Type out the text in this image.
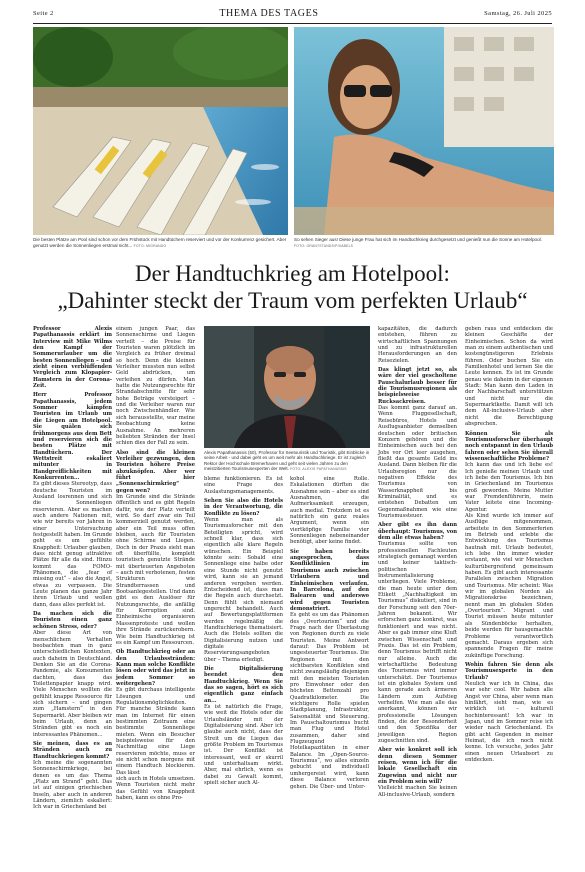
Seite 2	THEMA DES TAGES	Samstag, 26. Juli 2025
Die besten Plätze am Pool sind schon vor dem Frühstück mit Handtüchern reserviert und vor der Konkurrenz gesichert. Aber genutzt werden die Sonnenliegen erstmal nicht... FOTO: MIGRANDO
So sehen Sieger aus! Diese junge Frau hat sich im Handtuchkrieg durchgesetzt und genießt nun die Sonne am Hotelpool. FOTO: GRANTSTANDS/PIXABELS
Der Handtuchkrieg am Hotelpool:
„Dahinter steckt der Traum vom perfekten Urlaub“

Professor Alexis Papathanassis erklärt im Interview mit Mike Wilms den Kampf der Sommerurlauber um die besten Sonnenliegen – und zieht einen verblüffenden Vergleich zum Klopapier-Hamstern in der Corona-Zeit.

Herr Professor Papathanassis, jedem Sommer kämpfen Touristen im Urlaub um die Liegen am Hotelpool. Sie quälen sich frühmorgens aus dem Bett und reservieren sich die besten Plätze mit Handtüchern. Der Wettstreit eskaliert mitunter in Handgreiflichkeiten mit Konkurrenten...

Es gibt dieses Stereotyp, dass deutsche Touristen im Ausland losrennen und sich die Sonnenliegen reservieren. Aber es machen auch andere Nationen mit, wie wir bereits vor Jahren in einer Untersuchung festgestellt haben. Im Grunde geht es um gefühlte Knappheit: Urlauber glauben, dass nicht genug attraktive Plätze für alle da sind. Hinzu kommt das FOMO-Phänomen, die „fear of missing out“ – also die Angst, etwas zu verpassen. Die Leute planen das ganze Jahr ihren Urlaub und wollen dann, dass alles perfekt ist.

Da machen sich die Touristen einen ganz schönen Stress, oder?

Aber diese Art von menschlichem Verhalten beobachten man in ganz unterschiedlichen Kontexten, auch daheim in Deutschland. Denken Sie an die Corona-Pandemie, als Konsumenten dachten, dass das Toilettenpapier knapp wird. Viele Menschen wollten die gefühlt knappe Ressource für sich sichern – und gingen zum „Hamstern“ in den Supermarkt. Aber bleiben wir beim Urlaub, denn an Stränden gibt es noch ein interessantes Phänomen...

Sie meinen, dass es an Stränden auch zu Handtuchkriegen kommt?

Ich meine die sogenannten Sonnenschirmkriege, bei denen es um das Thema „Platz am Strand“ geht. Das ist auf einigen griechischen Inseln, aber auch in anderen Ländern, ziemlich eskaliert: Ich war in Griechenland bei

einem jungen Paar, das Sonnenschirme und Liegen verteilt – die Preise für Touristen waren plötzlich im Vergleich zu früher dreimal so hoch. Denn die kleinen Verleiher mussten nun selbst Geld abdrücken, um verleihen zu dürfen. Man hatte die Nutzungsrechte für Strandabschnitte für sehr hohe Beträge versteigert – und die Verleiher waren nur noch Zwischenhändler. Wie sich herausstellte, war meine Beobachtung keine Ausnahme. An mehreren beliebten Stränden der Insel schien dies der Fall zu sein.

Also sind die kleinen Verleiher gezwungen, den Touristen höhere Preise abzuknöpfen. Aber wer führt hier „Sonnenschirmkrieg“ gegen wen?

Im Grunde sind die Strände öffentlich und es gibt Regeln dafür, wie der Platz verteilt wird. So darf zwar ein Teil kommerziell genutzt werden, aber ein Teil muss offen bleiben, auch für Touristen ohne Schirme und Liegen. Doch in der Praxis sieht man oft überfüllte, komplett touristisch genutzte Strände mit überteuerten Angeboten – auch mit verbotenen, festen Strukturen wie Strandterrassen und Bootsanlegestellen. Und dann gibt es den Auslöser für Nutzungsrechte, die anfällig für Korruption sind. Einheimische organisieren Massenproteste und wollen ihre Strände zurückerobern. Wie beim Handtuchkrieg ist es ein Kampf um Ressourcen.

Ob Handtuchkrieg oder an den Urlaubsstränden: Kann man solche Konflikte lösen oder wird das jetzt in jedem Sommer so weitergehen?

Es gibt durchaus intelligente Lösungen und Regulationsmöglichkeiten. Für manche Strände kann man im Internet für einen bestimmten Zeitraum eine bestimmte Sonnenliege mieten. Wenn ein Besucher beispielsweise für den Nachmittag eine Liege reservieren möchte, muss er sie nicht schon morgens mit einem Handtuch blockieren. Das lässt

sich auch in Hotels umsetzen. Wenn Touristen nicht mehr das Gefühl von Knappheit haben, kann es ohne Pro-

Alexis Papathanassis (50), Professor für Seetouristik und Touristik, gibt Einblicke in seine Arbeit - und dabei geht es um weit mehr als Handtuchkriege. Er ist zugleich Rektor der Hochschule Bremerhaven und geht seit vielen Jahren zu den meistzitierten Tourismusexperten der Welt. FOTO: ALEXIS PAPATHANASSIS

bleme funktionieren. Es ist eine Frage des Auslastungsmanagements.

Sehen Sie also die Hotels in der Verantwortung, die Konflikte zu lösen?

Wenn man als Tourismusforscher mit den Beteiligten spricht, wird schnell klar, dass sich eigentlich alle klare Regeln wünschen. Ein Beispiel könnte sein: Sobald eine Sonnenliege eine halbe oder eine Stunde nicht genutzt wird, kann sie an jemand anderen vergeben werden. Entscheidend ist, dass man die Regeln auch durchsetzt. Denn fühlt sich niemand ungerecht behandelt. Auch auf Bewertungsplattformen werden regelmäßig die Handtuchkriege thematisiert. Auch die Hotels sollten die Digitalisierung nutzen und digitale Reservierungsangeboten über – Thema erledigt.

Die Digitalisierung beendet den Handtuchkrieg. Wenn Sie das so sagen, hört es sich eigentlich ganz einfach an...

Es ist natürlich die Frage, wie weit die Hotels oder die Urlaubsländer mit der Digitalisierung sind. Aber ich glaube auch nicht, dass der Streit um die Liegen das größte Problem im Tourismus ist. Der Konflikt ist interessant, weil er skurril und unterhaltsam wirkt. Aber, mal ehrlich, wenn es dabei zu Gewalt kommt, spielt sicher auch Al-

kohol eine Rolle. Eskalationen dürften die Ausnahme sein – aber es sind Ausnahmen, die Aufmerksamkeit erzeugen, auch medial. Trotzdem ist es natürlich ein ganz reales Argument, wenn ein viertköpfige Familie vier Sonnenliegen nebeneinander benötigt, aber keine findet.

Sie haben bereits angesprochen, dass Konfliktlinien im Tourismus auch zwischen Urlaubern und Einheimischen verlaufen. In Barcelona, auf den Balearen und anderswo wird gegen Touristen demonstriert.

Es geht es um das Phänomen des „Overtourism“ und die Frage nach der Überlastung von Regionen durch zu viele Touristen. Meine Antwort darauf: Das Problem ist ungesteuerter Tourismus. Die Regionen mit den sichtbarsten Konflikten sind nicht zwangsläufig diejenigen mit den meisten Touristen pro Einwohner oder den höchsten Bettenzahl pro Quadratkilometer. Die wichtigere Rolle spielen Stadtplanung, Infrastruktur, Saisonalität und Steuerung. Im Pauschaltourismus bucht man Flug und Hotel zusammen, daher sind Flugzeugund Hotelkapazitäten in einer Balance. Im „Open-Source-Tourismus“, wo alles einzeln gebucht und individuell umhergereist wird, kann diese Balance verloren gehen. Die Über- und Unter-

kapazitäten, die dadurch entstehen, führen zu wirtschaftlichen Spannungen und zu infrastrukturellen Herausforderungen an den Reisezielen.

Das klingt jetzt so, als wäre der viel gescholtene Pauschalurlaub besser für die Tourismusregionen als beispielsweise Rucksackreisen.

Das kommt ganz darauf an. Wenn Fluggesellschaft, Reisebüros, Hotels und Ausflugsanbieter demselben deutschen oder britischen Konzern gehören und die Einheimischen auch bei den Jobs vor Ort leer ausgehen, fließt das gesamte Geld ins Ausland. Dann bleiben für die Urlaubsregion nur die negativen Effekte des Tourismus von Wasserknappheit bis Kriminalität, und es entstehen Debatten um Gegenmaßnahmen wie eine Tourismussteuer.

Aber gibt es ihn dann überhaupt: Tourismus, von dem alle etwas haben?

Tourismus sollte von professionellen Fachleuten strategisch gemanagt werden und keiner taktisch-politischen Instrumentalisierung unterliegen. Viele Probleme, die man heute unter dem Etikett „Nachhaltigkeit im Tourismus“ diskutiert, sind in der Forschung seit den 70er-Jahren bekannt. Wir erforschen ganz konkret, was funktioniert und was nicht. Aber es gab immer eine Kluft zwischen Wissenschaft und Praxis. Das ist ein Problem, denn Tourismus betrifft nicht nur alleine. Auch die wirtschaftliche Bedeutung des Tourismus wird immer unterschätzt. Der Tourismus ist ein globales System und kann gerade auch ärmeren Ländern zum Aufstieg verhelfen. Wie man alle das anerkannt, können wir professionelle Lösungen finden, die der Besonderheit und den Spezifika der jeweiligen Region zugeschnitten sind.

Aber wie konkret soll ich denn diesen Sommer reisen, wenn ich für die lokale Gesellschaft ein Zugewinn und nicht nur ein Problem sein will?

Vielleicht machen Sie keinen All-inclusive-Urlaub, sondern

geben raus und entdecken die kleinen Geschäfte der Einheimischen. Schon da wird man zu einem authentischen und kostengünstigeren Erlebnis führen. Oder buchen Sie ein Familienhotel und lernen Sie die Leute kennen. Es ist im Grunde genau wie daheim in der eigenen Stadt: Man kann den Laden in der Nachbarschaft unterstützen und nicht nur die Supermarktkette. Damit will ich dem All-inclusive-Urlaub aber nicht die Berechtigung absprechen.

Können Sie als Tourismusforscher überhaupt noch entspannt in den Urlaub fahren oder sehen Sie überall wissenschaftliche Probleme?

Ich kann das und ich liebe es! Ich genieße meinen Urlaub und ich liebe den Tourismus. Ich bin in Griechenland im Tourismus groß geworden. Meine Mutter war Fremdenführerin, mein Vater leitete eine Incoming-Agentur.

Als Kind wurde ich immer auf Ausflüge mitgenommen, arbeitete in den Sommerferien im Betrieb und erlebte die Entwicklung des Tourismus hautnah mit. Urlaub bedeutet, ich lebe ihn immer wieder erstaunt, wie viel wir Menschen kulturübergreifend gemeinsam haben. Es gibt auch interessante Parallelen zwischen Migration und Tourismus. Mir scheint: Was wir im globalen Norden als Migrationskrise bezeichnen, nennt man im globalen Süden „Overtourism“. Migrant und Tourist müssen heute mitunter als Sündenböcke herhalten, beide werden für hausgemachte Probleme verantwortlich gemacht. Daraus ergeben sich spannende Fragen für meine zukünftige Forschung.

Wohin fahren Sie denn als Tourismusexperte in den Urlaub?

Neulich war ich in China, das war sehr cool. Wir haben alle Angst vor China, aber wenn man hinfährt, sieht man, wie es wirklich ist – kulturell hochinteressant! Ich war in Japan, und im Sommer reise ich wieder nach Griechenland. Es gibt acht Gegenden in meiner Heimat, die ich noch nicht kenne. Ich versuche, jedes Jahr einen neuen Urlaubsort zu entdecken.
